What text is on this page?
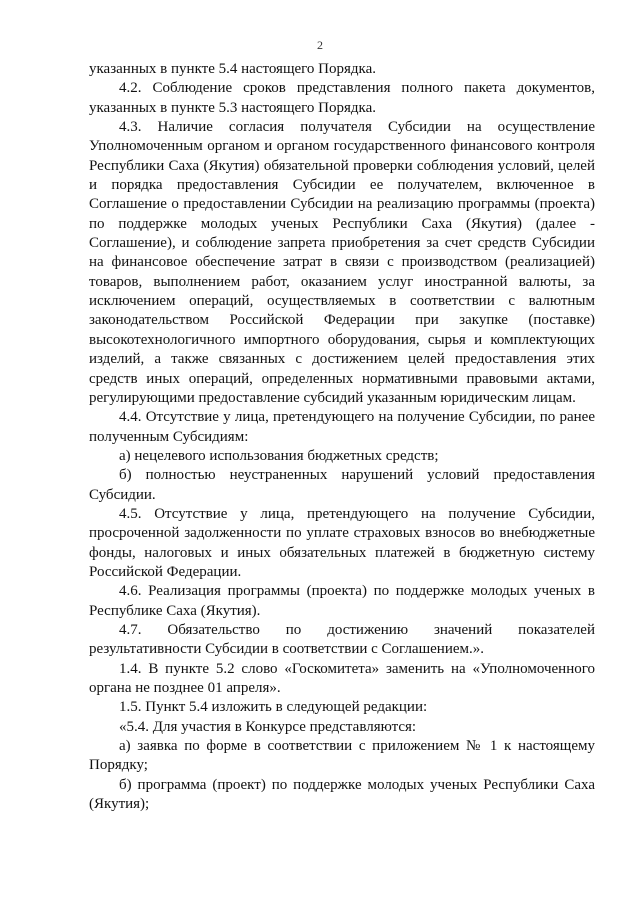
2

указанных в пункте 5.4 настоящего Порядка.

4.2. Соблюдение сроков представления полного пакета документов, указанных в пункте 5.3 настоящего Порядка.

4.3. Наличие согласия получателя Субсидии на осуществление Уполномоченным органом и органом государственного финансового контроля Республики Саха (Якутия) обязательной проверки соблюдения условий, целей и порядка предоставления Субсидии ее получателем, включенное в Соглашение о предоставлении Субсидии на реализацию программы (проекта) по поддержке молодых ученых Республики Саха (Якутия) (далее - Соглашение), и соблюдение запрета приобретения за счет средств Субсидии на финансовое обеспечение затрат в связи с производством (реализацией) товаров, выполнением работ, оказанием услуг иностранной валюты, за исключением операций, осуществляемых в соответствии с валютным законодательством Российской Федерации при закупке (поставке) высокотехнологичного импортного оборудования, сырья и комплектующих изделий, а также связанных с достижением целей предоставления этих средств иных операций, определенных нормативными правовыми актами, регулирующими предоставление субсидий указанным юридическим лицам.

4.4. Отсутствие у лица, претендующего на получение Субсидии, по ранее полученным Субсидиям:

а) нецелевого использования бюджетных средств;

б) полностью неустраненных нарушений условий предоставления Субсидии.

4.5. Отсутствие у лица, претендующего на получение Субсидии, просроченной задолженности по уплате страховых взносов во внебюджетные фонды, налоговых и иных обязательных платежей в бюджетную систему Российской Федерации.

4.6. Реализация программы (проекта) по поддержке молодых ученых в Республике Саха (Якутия).

4.7. Обязательство по достижению значений показателей результативности Субсидии в соответствии с Соглашением.».

1.4. В пункте 5.2 слово «Госкомитета» заменить на «Уполномоченного органа не позднее 01 апреля».

1.5. Пункт 5.4 изложить в следующей редакции:

«5.4. Для участия в Конкурсе представляются:

а) заявка по форме в соответствии с приложением № 1 к настоящему Порядку;

б) программа (проект) по поддержке молодых ученых Республики Саха (Якутия);
